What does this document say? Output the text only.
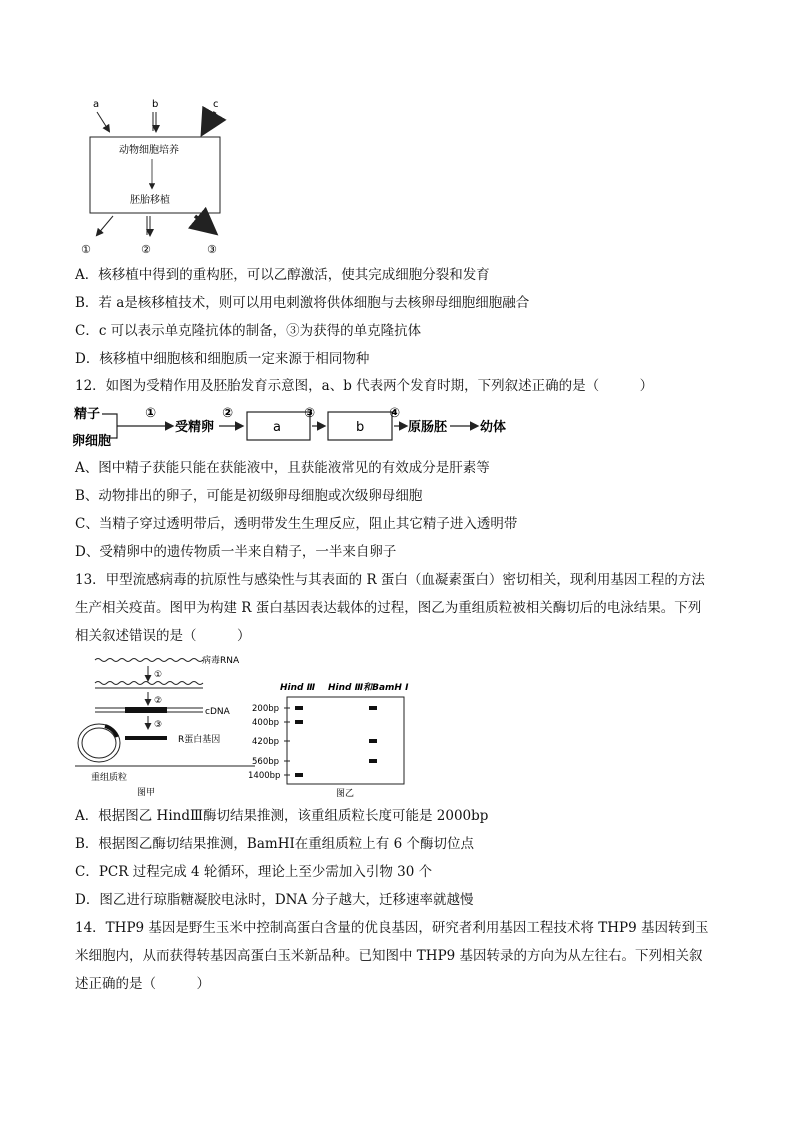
a	b	c
动物细胞培养
胚胎移植
①	②	③
A．核移植中得到的重构胚，可以乙醇激活，使其完成细胞分裂和发育
B．若 a是核移植技术，则可以用电刺激将供体细胞与去核卵母细胞细胞融合
C．c 可以表示单克隆抗体的制备，③为获得的单克隆抗体
D．核移植中细胞核和细胞质一定来源于相同物种
12．如图为受精作用及胚胎发育示意图，a、b 代表两个发育时期，下列叙述正确的是（　　　）
精子
卵细胞
①
受精卵
②
a
③
b
④
原肠胚	幼体
A、图中精子获能只能在获能液中，且获能液常见的有效成分是肝素等
B、动物排出的卵子，可能是初级卵母细胞或次级卵母细胞
C、当精子穿过透明带后，透明带发生生理反应，阻止其它精子进入透明带
D、受精卵中的遗传物质一半来自精子，一半来自卵子
13．甲型流感病毒的抗原性与感染性与其表面的 R 蛋白（血凝素蛋白）密切相关，现利用基因工程的方法
生产相关疫苗。图甲为构建 R 蛋白基因表达载体的过程，图乙为重组质粒被相关酶切后的电泳结果。下列
相关叙述错误的是（　　　）
病毒RNA
①
②
cDNA
③
R蛋白基因
重组质粒
图甲
Hind Ⅲ Hind Ⅲ和BamH Ⅰ
200bp
400bp
420bp
560bp
1400bp
图乙
A．根据图乙 HindⅢ酶切结果推测，该重组质粒长度可能是 2000bp
B．根据图乙酶切结果推测，BamHⅠ在重组质粒上有 6 个酶切位点
C．PCR 过程完成 4 轮循环，理论上至少需加入引物 30 个
D．图乙进行琼脂糖凝胶电泳时，DNA 分子越大，迁移速率就越慢
14．THP9 基因是野生玉米中控制高蛋白含量的优良基因，研究者利用基因工程技术将 THP9 基因转到玉
米细胞内，从而获得转基因高蛋白玉米新品种。已知图中 THP9 基因转录的方向为从左往右。下列相关叙
述正确的是（　　　）
